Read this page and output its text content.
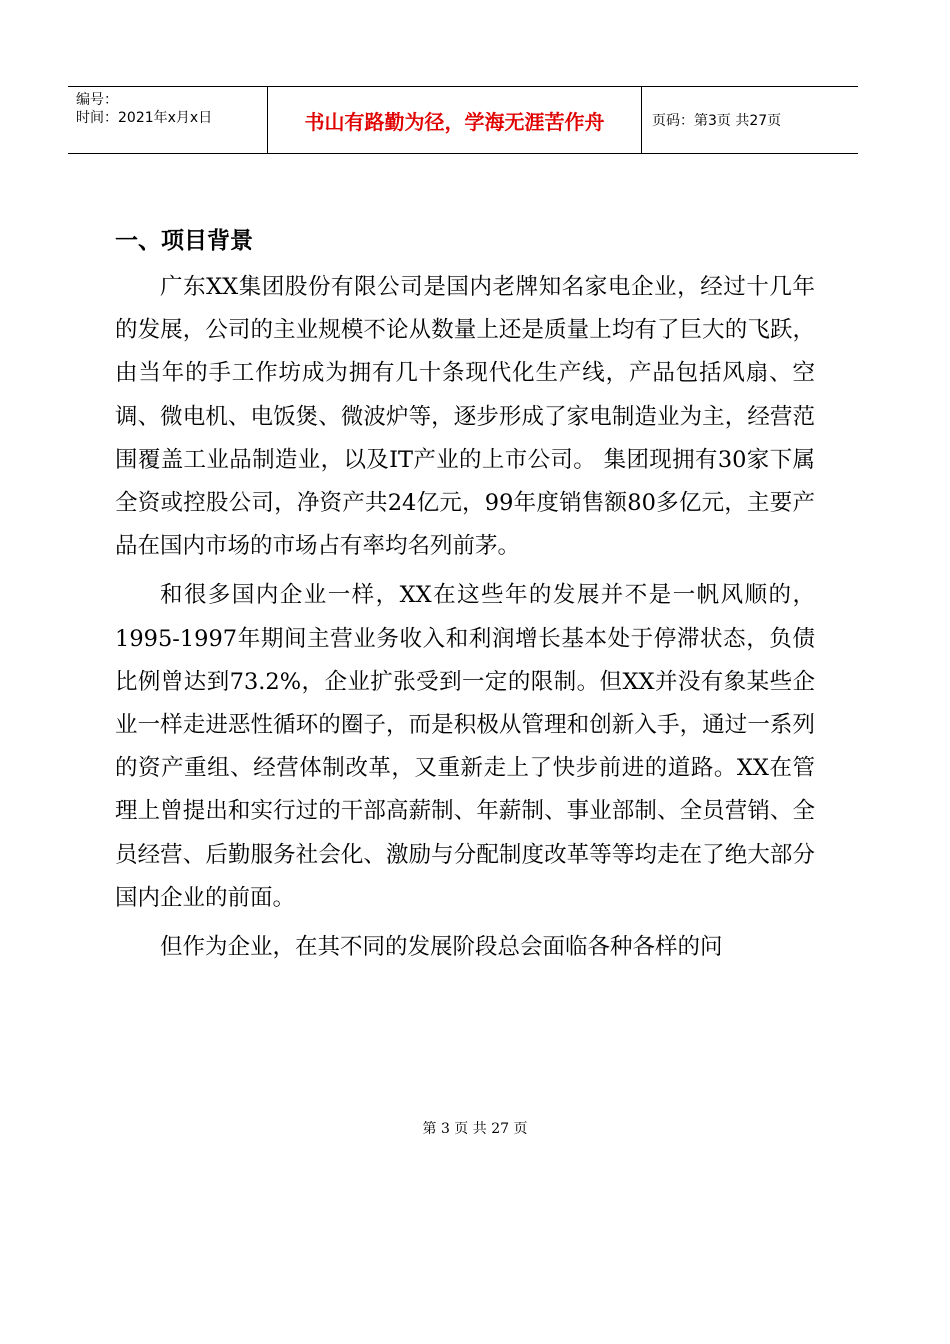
编号：
时间：2021年x月x日	书山有路勤为径，学海无涯苦作舟	页码：第3页 共27页
一、项目背景

广东XX集团股份有限公司是国内老牌知名家电企业，经过十几年的发展，公司的主业规模不论从数量上还是质量上均有了巨大的飞跃，由当年的手工作坊成为拥有几十条现代化生产线，产品包括风扇、空调、微电机、电饭煲、微波炉等，逐步形成了家电制造业为主，经营范围覆盖工业品制造业，以及IT产业的上市公司。 集团现拥有30家下属全资或控股公司，净资产共24亿元，99年度销售额80多亿元，主要产品在国内市场的市场占有率均名列前茅。

和很多国内企业一样，XX在这些年的发展并不是一帆风顺的，1995-1997年期间主营业务收入和利润增长基本处于停滞状态，负债比例曾达到73.2%，企业扩张受到一定的限制。但XX并没有象某些企业一样走进恶性循环的圈子，而是积极从管理和创新入手，通过一系列的资产重组、经营体制改革，又重新走上了快步前进的道路。XX在管理上曾提出和实行过的干部高薪制、年薪制、事业部制、全员营销、全员经营、后勤服务社会化、激励与分配制度改革等等均走在了绝大部分国内企业的前面。

但作为企业，在其不同的发展阶段总会面临各种各样的问

第 3 页 共 27 页
